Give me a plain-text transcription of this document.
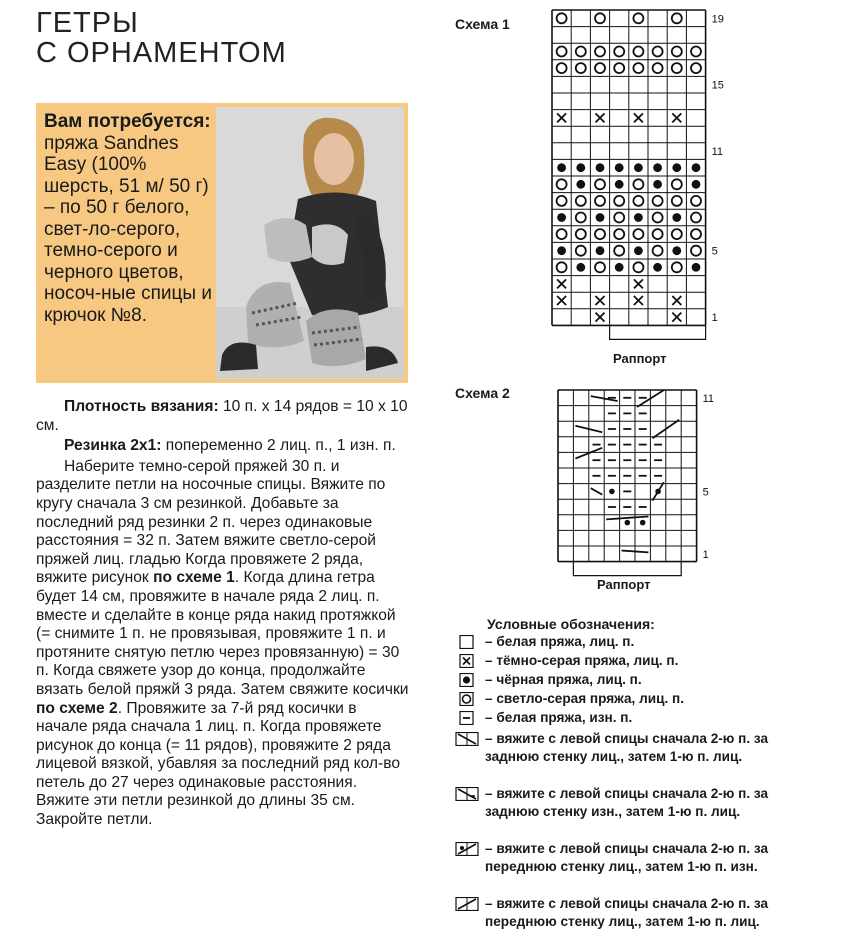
ГЕТРЫ
С ОРНАМЕНТОМ
Вам потребуется: пряжа Sandnes Easy (100% шерсть, 51 м/ 50 г) – по 50 г белого, свет-ло-серого, темно-серого и черного цветов, носоч-ные спицы и крючок №8.

Плотность вязания: 10 п. х 14 рядов = 10 х 10 см.

Резинка 2х1: попеременно 2 лиц. п., 1 изн. п.

Наберите темно-серой пряжей 30 п. и разделите петли на носочные спицы. Вяжите по кругу сначала 3 см резинкой. Добавьте за последний ряд резинки 2 п. через одинаковые расстояния = 32 п. Затем вяжите светло-серой пряжей лиц. гладью Когда провяжете 2 ряда, вяжите рисунок по схеме 1. Когда длина гетра будет 14 см, провяжите в начале ряда 2 лиц. п. вместе и сделайте в конце ряда накид протяжкой (= снимите 1 п. не провязывая, провяжите 1 п. и протяните снятую петлю через провязанную) = 30 п. Когда свяжете узор до конца, продолжайте вязать белой пряжй 3 ряда. Затем свяжите косички по схеме 2. Провяжите за 7-й ряд косички в начале ряда сначала 1 лиц. п. Когда провяжете рисунок до конца (= 11 рядов), провяжите 2 ряда лицевой вязкой, убавляя за последний ряд кол-во петель до 27 через одинаковые расстояния. Вяжите эти петли резинкой до длины 35 см. Закройте петли.

Схема 1	19
15
11
5
1
11
5
1
Раппорт
Схема 2
Раппорт
Условные обозначения:
– белая пряжа, лиц. п.
– тёмно-серая пряжа, лиц. п.
– чёрная пряжа, лиц. п.
– светло-серая пряжа, лиц. п.
– белая пряжа, изн. п.
– вяжите с левой спицы сначала 2-ю п. за заднюю стенку лиц., затем 1-ю п. лиц.
– вяжите с левой спицы сначала 2-ю п. за заднюю стенку изн., затем 1-ю п. лиц.
– вяжите с левой спицы сначала 2-ю п. за переднюю стенку лиц., затем 1-ю п. изн.
– вяжите с левой спицы сначала 2-ю п. за переднюю стенку лиц., затем 1-ю п. лиц.
